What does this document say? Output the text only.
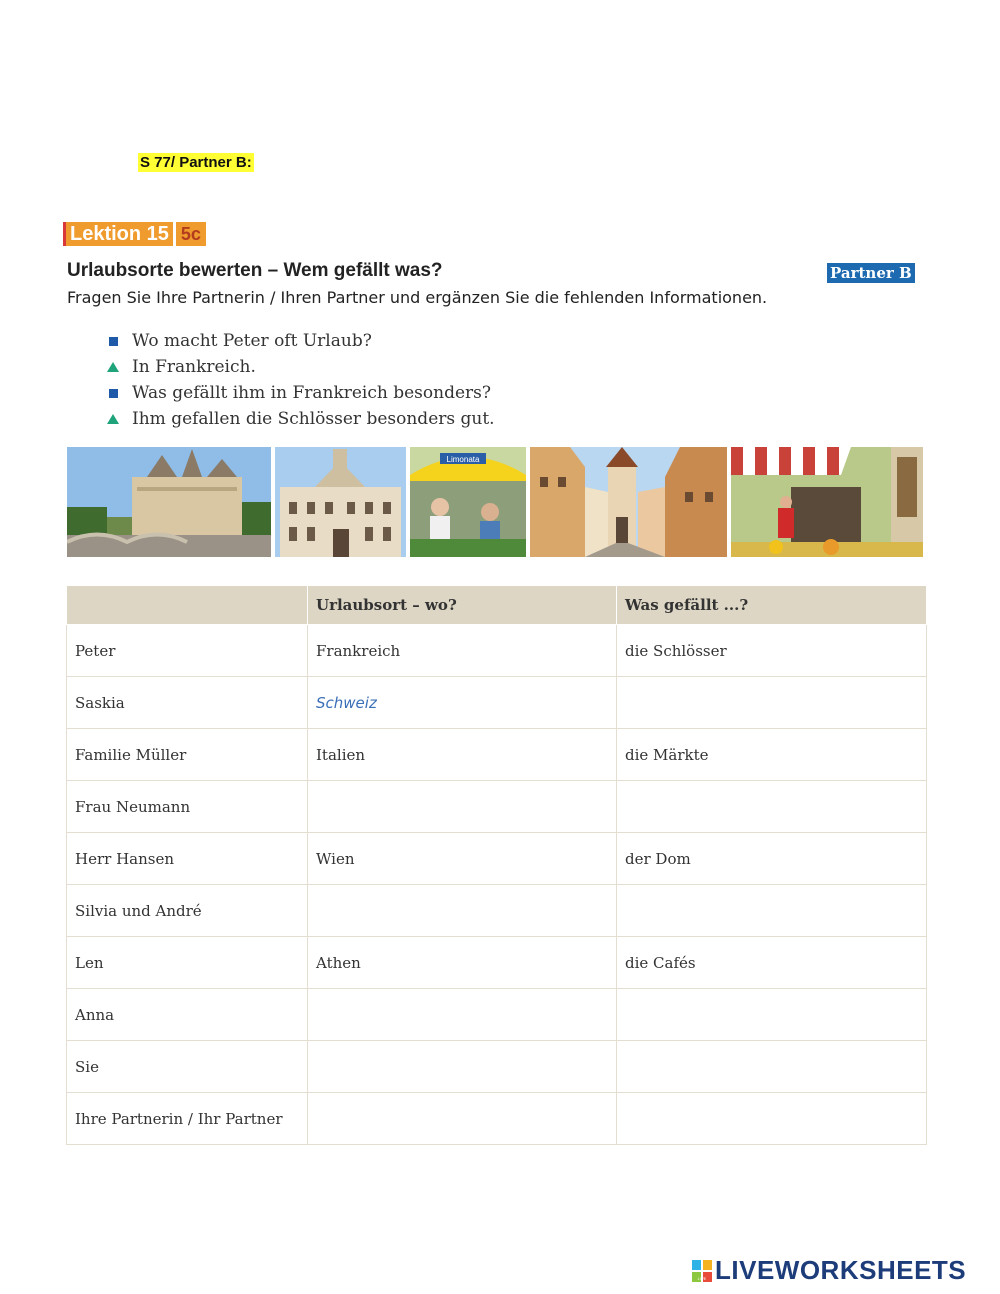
S 77/ Partner B:
Lektion 15 5c
Urlaubsorte bewerten – Wem gefällt was?	Partner B
Fragen Sie Ihre Partnerin / Ihren Partner und ergänzen Sie die fehlenden Informationen.
Wo macht Peter oft Urlaub?
In Frankreich.
Was gefällt ihm in Frankreich besonders?
Ihm gefallen die Schlösser besonders gut.
Limonata
	Urlaubsort – wo?	Was gefällt ...?
Peter	Frankreich	die Schlösser
Saskia	Schweiz	
Familie Müller	Italien	die Märkte
Frau Neumann		
Herr Hansen	Wien	der Dom
Silvia und André		
Len	Athen	die Cafés
Anna		
Sie		
Ihre Partnerin / Ihr Partner		
LIVE LIVEWORKSHEETS
